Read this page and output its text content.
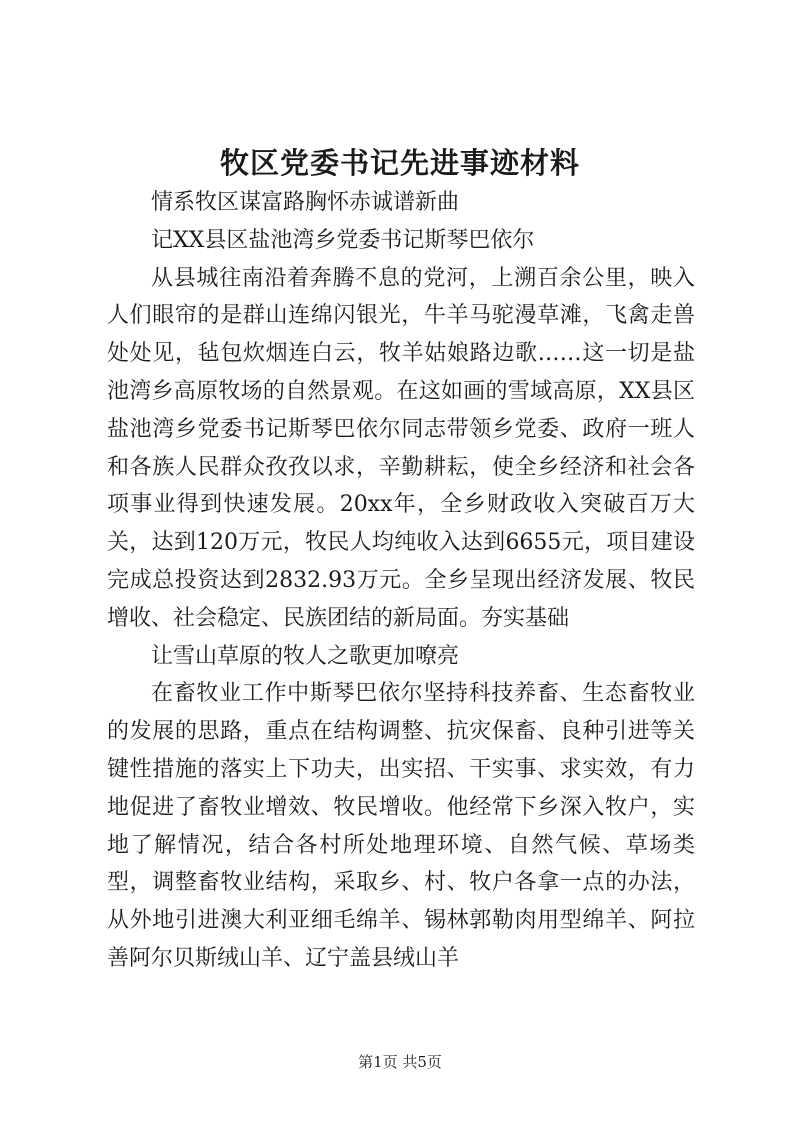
牧区党委书记先进事迹材料

情系牧区谋富路胸怀赤诚谱新曲

记XX县区盐池湾乡党委书记斯琴巴依尔

从县城往南沿着奔腾不息的党河，上溯百余公里，映入人们眼帘的是群山连绵闪银光，牛羊马驼漫草滩，飞禽走兽处处见，毡包炊烟连白云，牧羊姑娘路边歌……这一切是盐池湾乡高原牧场的自然景观。在这如画的雪域高原，XX县区盐池湾乡党委书记斯琴巴依尔同志带领乡党委、政府一班人和各族人民群众孜孜以求，辛勤耕耘，使全乡经济和社会各项事业得到快速发展。20xx年，全乡财政收入突破百万大关，达到120万元，牧民人均纯收入达到6655元，项目建设完成总投资达到2832.93万元。全乡呈现出经济发展、牧民增收、社会稳定、民族团结的新局面。夯实基础

让雪山草原的牧人之歌更加嘹亮

在畜牧业工作中斯琴巴依尔坚持科技养畜、生态畜牧业的发展的思路，重点在结构调整、抗灾保畜、良种引进等关键性措施的落实上下功夫，出实招、干实事、求实效，有力地促进了畜牧业增效、牧民增收。他经常下乡深入牧户，实地了解情况，结合各村所处地理环境、自然气候、草场类型，调整畜牧业结构，采取乡、村、牧户各拿一点的办法，从外地引进澳大利亚细毛绵羊、锡林郭勒肉用型绵羊、阿拉善阿尔贝斯绒山羊、辽宁盖县绒山羊

第1页 共5页
